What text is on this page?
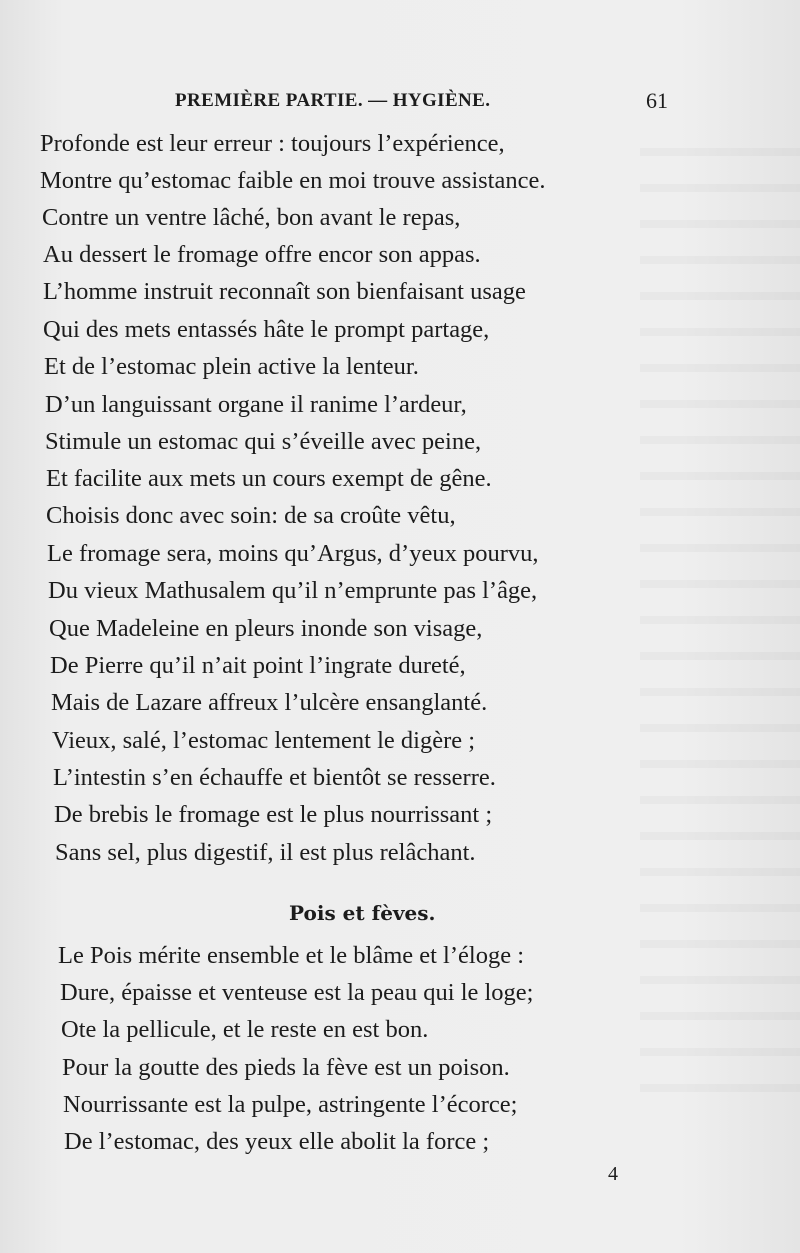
PREMIÈRE PARTIE. — HYGIÈNE.	61
Profonde est leur erreur : toujours l’expérience,
Montre qu’estomac faible en moi trouve assistance.
Contre un ventre lâché, bon avant le repas,
Au dessert le fromage offre encor son appas.
L’homme instruit reconnaît son bienfaisant usage
Qui des mets entassés hâte le prompt partage,
Et de l’estomac plein active la lenteur.
D’un languissant organe il ranime l’ardeur,
Stimule un estomac qui s’éveille avec peine,
Et facilite aux mets un cours exempt de gêne.
Choisis donc avec soin: de sa croûte vêtu,
Le fromage sera, moins qu’Argus, d’yeux pourvu,
Du vieux Mathusalem qu’il n’emprunte pas l’âge,
Que Madeleine en pleurs inonde son visage,
De Pierre qu’il n’ait point l’ingrate dureté,
Mais de Lazare affreux l’ulcère ensanglanté.
Vieux, salé, l’estomac lentement le digère ;
L’intestin s’en échauffe et bientôt se resserre.
De brebis le fromage est le plus nourrissant ;
Sans sel, plus digestif, il est plus relâchant.
Pois et fèves.
Le Pois mérite ensemble et le blâme et l’éloge :
Dure, épaisse et venteuse est la peau qui le loge;
Ote la pellicule, et le reste en est bon.
Pour la goutte des pieds la fève est un poison.
Nourrissante est la pulpe, astringente l’écorce;
De l’estomac, des yeux elle abolit la force ;
4
